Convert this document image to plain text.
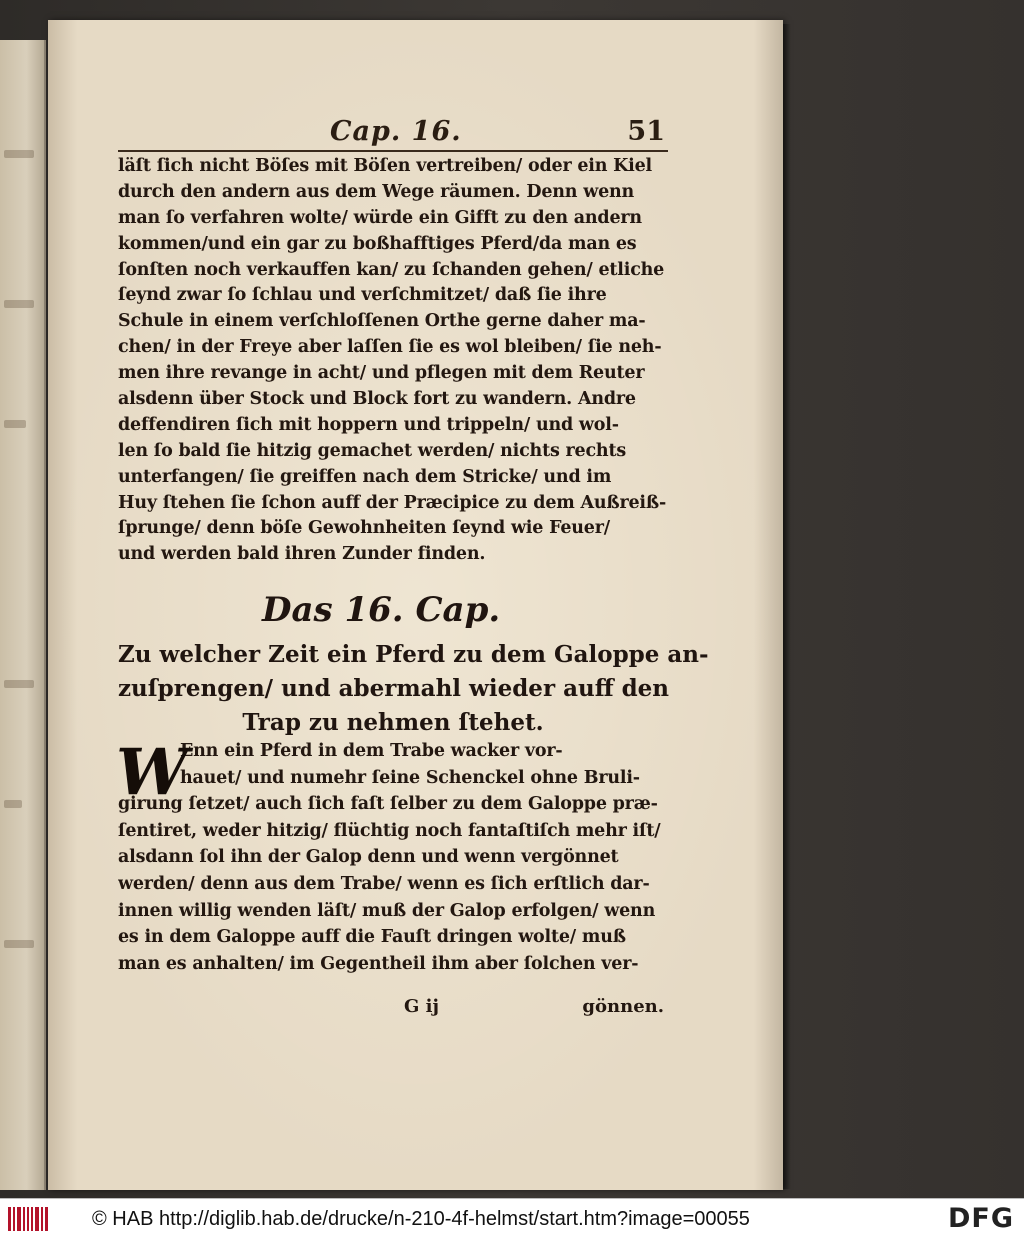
Cap. 16.	51
läſt ſich nicht Böſes mit Böſen vertreiben/ oder ein Kiel
durch den andern aus dem Wege räumen. Denn wenn
man ſo verfahren wolte/ würde ein Gifft zu den andern
kommen/und ein gar zu boßhafftiges Pferd/da man es
ſonſten noch verkauffen kan/ zu ſchanden gehen/ etliche
ſeynd zwar ſo ſchlau und verſchmitzet/ daß ſie ihre
Schule in einem verſchloſſenen Orthe gerne daher ma-
chen/ in der Freye aber laſſen ſie es wol bleiben/ ſie neh-
men ihre revange in acht/ und pflegen mit dem Reuter
alsdenn über Stock und Block fort zu wandern. Andre
deffendiren ſich mit hoppern und trippeln/ und wol-
len ſo bald ſie hitzig gemachet werden/ nichts rechts
unterfangen/ ſie greiffen nach dem Stricke/ und im
Huy ſtehen ſie ſchon auff der Præcipice zu dem Außreiß-
ſprunge/ denn böſe Gewohnheiten ſeynd wie Feuer/
und werden bald ihren Zunder finden.
Das 16. Cap.
Zu welcher Zeit ein Pferd zu dem Galoppe an-
zuſprengen/ und abermahl wieder auff den
Trap zu nehmen ſtehet.
W
Enn ein Pferd in dem Trabe wacker vor-
hauet/ und numehr ſeine Schenckel ohne Bruli-
girung ſetzet/ auch ſich faſt ſelber zu dem Galoppe præ-
ſentiret, weder hitzig/ flüchtig noch fantaſtiſch mehr iſt/
alsdann ſol ihn der Galop denn und wenn vergönnet
werden/ denn aus dem Trabe/ wenn es ſich erſtlich dar-
innen willig wenden läſt/ muß der Galop erfolgen/ wenn
es in dem Galoppe auff die Fauſt dringen wolte/ muß
man es anhalten/ im Gegentheil ihm aber ſolchen ver-
G ij	gönnen.
© HAB http://diglib.hab.de/drucke/n-210-4f-helmst/start.htm?image=00055	DFG
